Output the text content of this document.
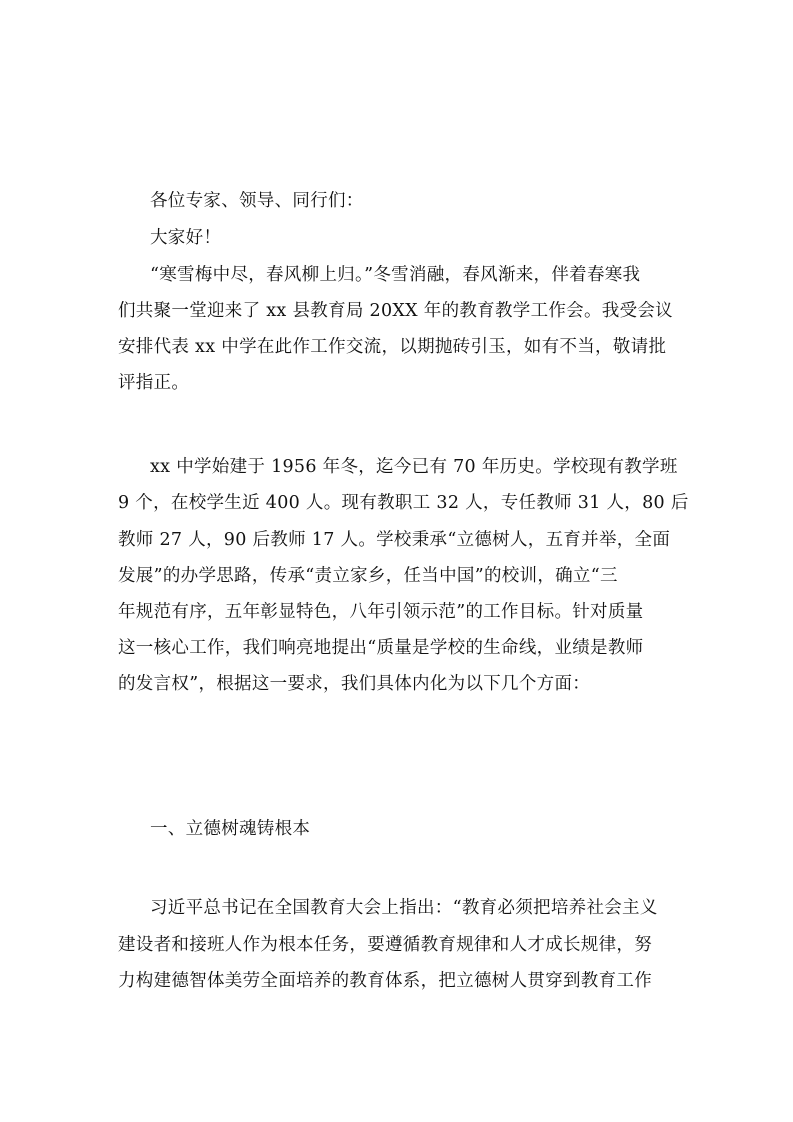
各位专家、领导、同行们：
大家好！
“寒雪梅中尽，春风柳上归。”冬雪消融，春风渐来，伴着春寒我
们共聚一堂迎来了 xx 县教育局 20XX 年的教育教学工作会。我受会议
安排代表 xx 中学在此作工作交流，以期抛砖引玉，如有不当，敬请批
评指正。
xx 中学始建于 1956 年冬，迄今已有 70 年历史。学校现有教学班
9 个，在校学生近 400 人。现有教职工 32 人，专任教师 31 人，80 后
教师 27 人，90 后教师 17 人。学校秉承“立德树人，五育并举，全面
发展”的办学思路，传承“责立家乡，任当中国”的校训，确立“三
年规范有序，五年彰显特色，八年引领示范”的工作目标。针对质量
这一核心工作，我们响亮地提出“质量是学校的生命线，业绩是教师
的发言权”，根据这一要求，我们具体内化为以下几个方面：
一、立德树魂铸根本
习近平总书记在全国教育大会上指出：“教育必须把培养社会主义
建设者和接班人作为根本任务，要遵循教育规律和人才成长规律，努
力构建德智体美劳全面培养的教育体系，把立德树人贯穿到教育工作
